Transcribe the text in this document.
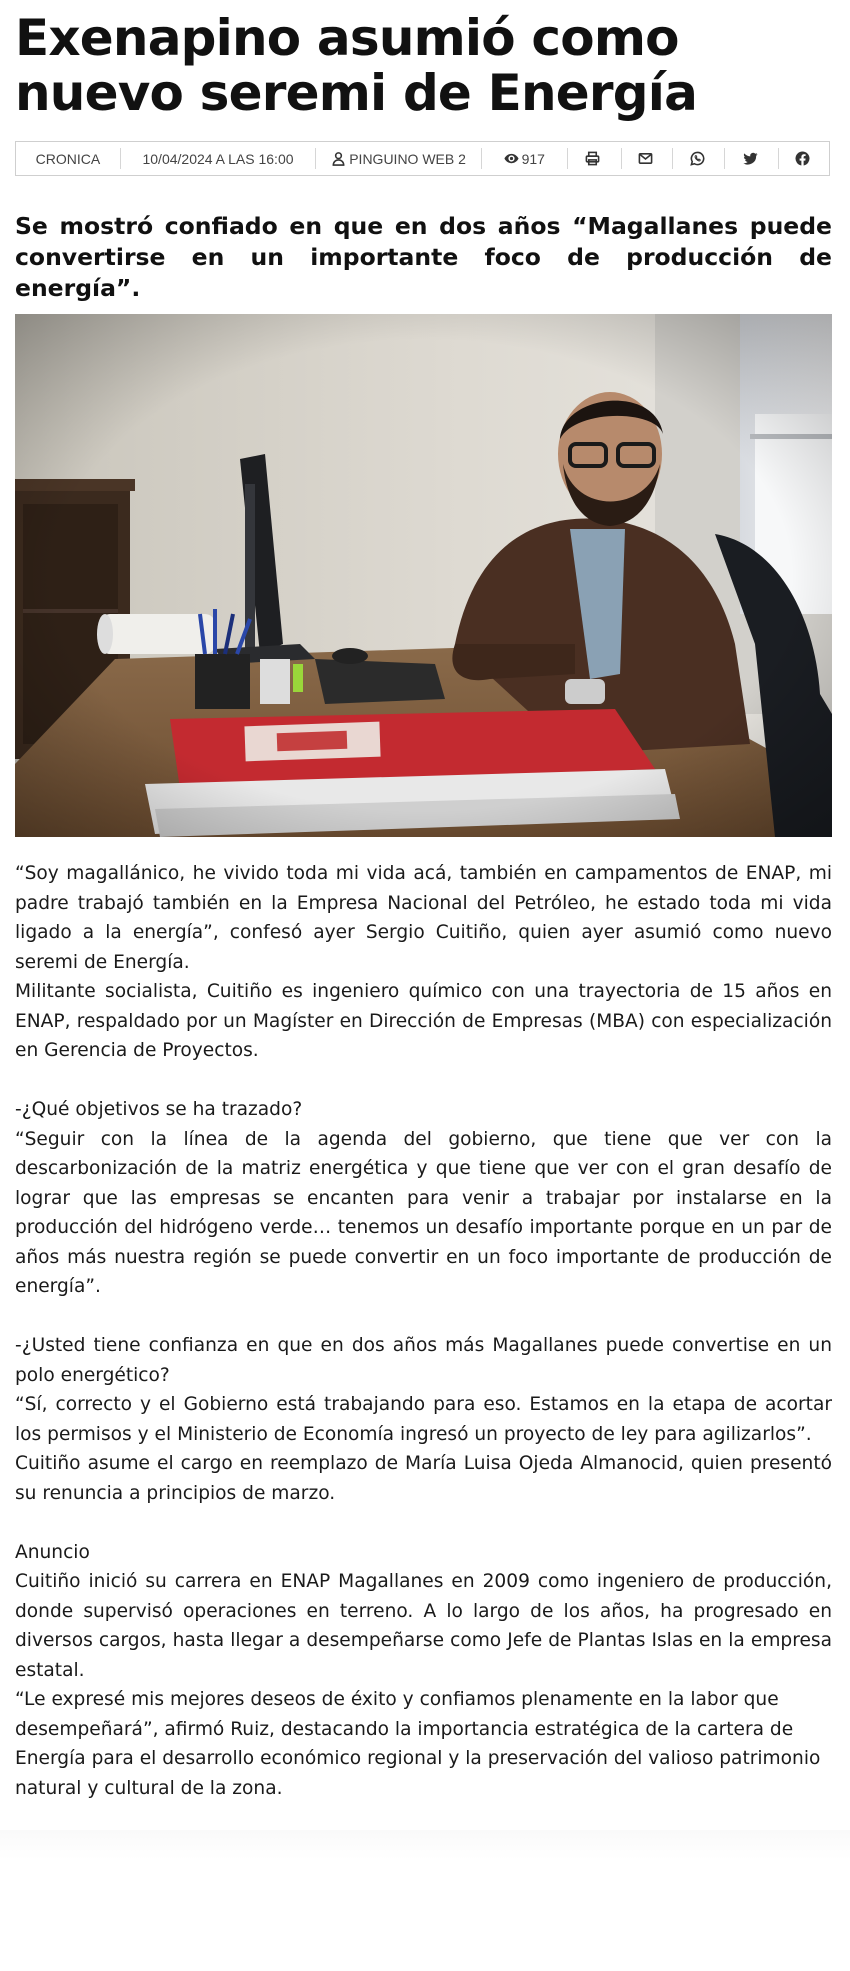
Exenapino asumió como nuevo seremi de Energía
CRONICA	10/04/2024 A LAS 16:00	PINGUINO WEB 2	917

Se mostró confiado en que en dos años “Magallanes puede convertirse en un importante foco de producción de energía”.

“Soy magallánico, he vivido toda mi vida acá, también en campamentos de ENAP, mi padre trabajó también en la Empresa Nacional del Petróleo, he estado toda mi vida ligado a la energía”, confesó ayer Sergio Cuitiño, quien ayer asumió como nuevo seremi de Energía.

Militante socialista, Cuitiño es ingeniero químico con una trayectoria de 15 años en ENAP, respaldado por un Magíster en Dirección de Empresas (MBA) con especialización en Gerencia de Proyectos.

-¿Qué objetivos se ha trazado?

“Seguir con la línea de la agenda del gobierno, que tiene que ver con la descarbonización de la matriz energética y que tiene que ver con el gran desafío de lograr que las empresas se encanten para venir a trabajar por instalarse en la producción del hidrógeno verde… tenemos un desafío importante porque en un par de años más nuestra región se puede convertir en un foco importante de producción de energía”.

-¿Usted tiene confianza en que en dos años más Magallanes puede convertise en un polo energético?

“Sí, correcto y el Gobierno está trabajando para eso. Estamos en la etapa de acortar los permisos y el Ministerio de Economía ingresó un proyecto de ley para agilizarlos”.

Cuitiño asume el cargo en reemplazo de María Luisa Ojeda Almanocid, quien presentó su renuncia a principios de marzo.

Anuncio

Cuitiño inició su carrera en ENAP Magallanes en 2009 como ingeniero de producción, donde supervisó operaciones en terreno. A lo largo de los años, ha progresado en diversos cargos, hasta llegar a desempeñarse como Jefe de Plantas Islas en la empresa estatal.

“Le expresé mis mejores deseos de éxito y confiamos plenamente en la labor que desempeñará”, afirmó Ruiz, destacando la importancia estratégica de la cartera de Energía para el desarrollo económico regional y la preservación del valioso patrimonio natural y cultural de la zona.
